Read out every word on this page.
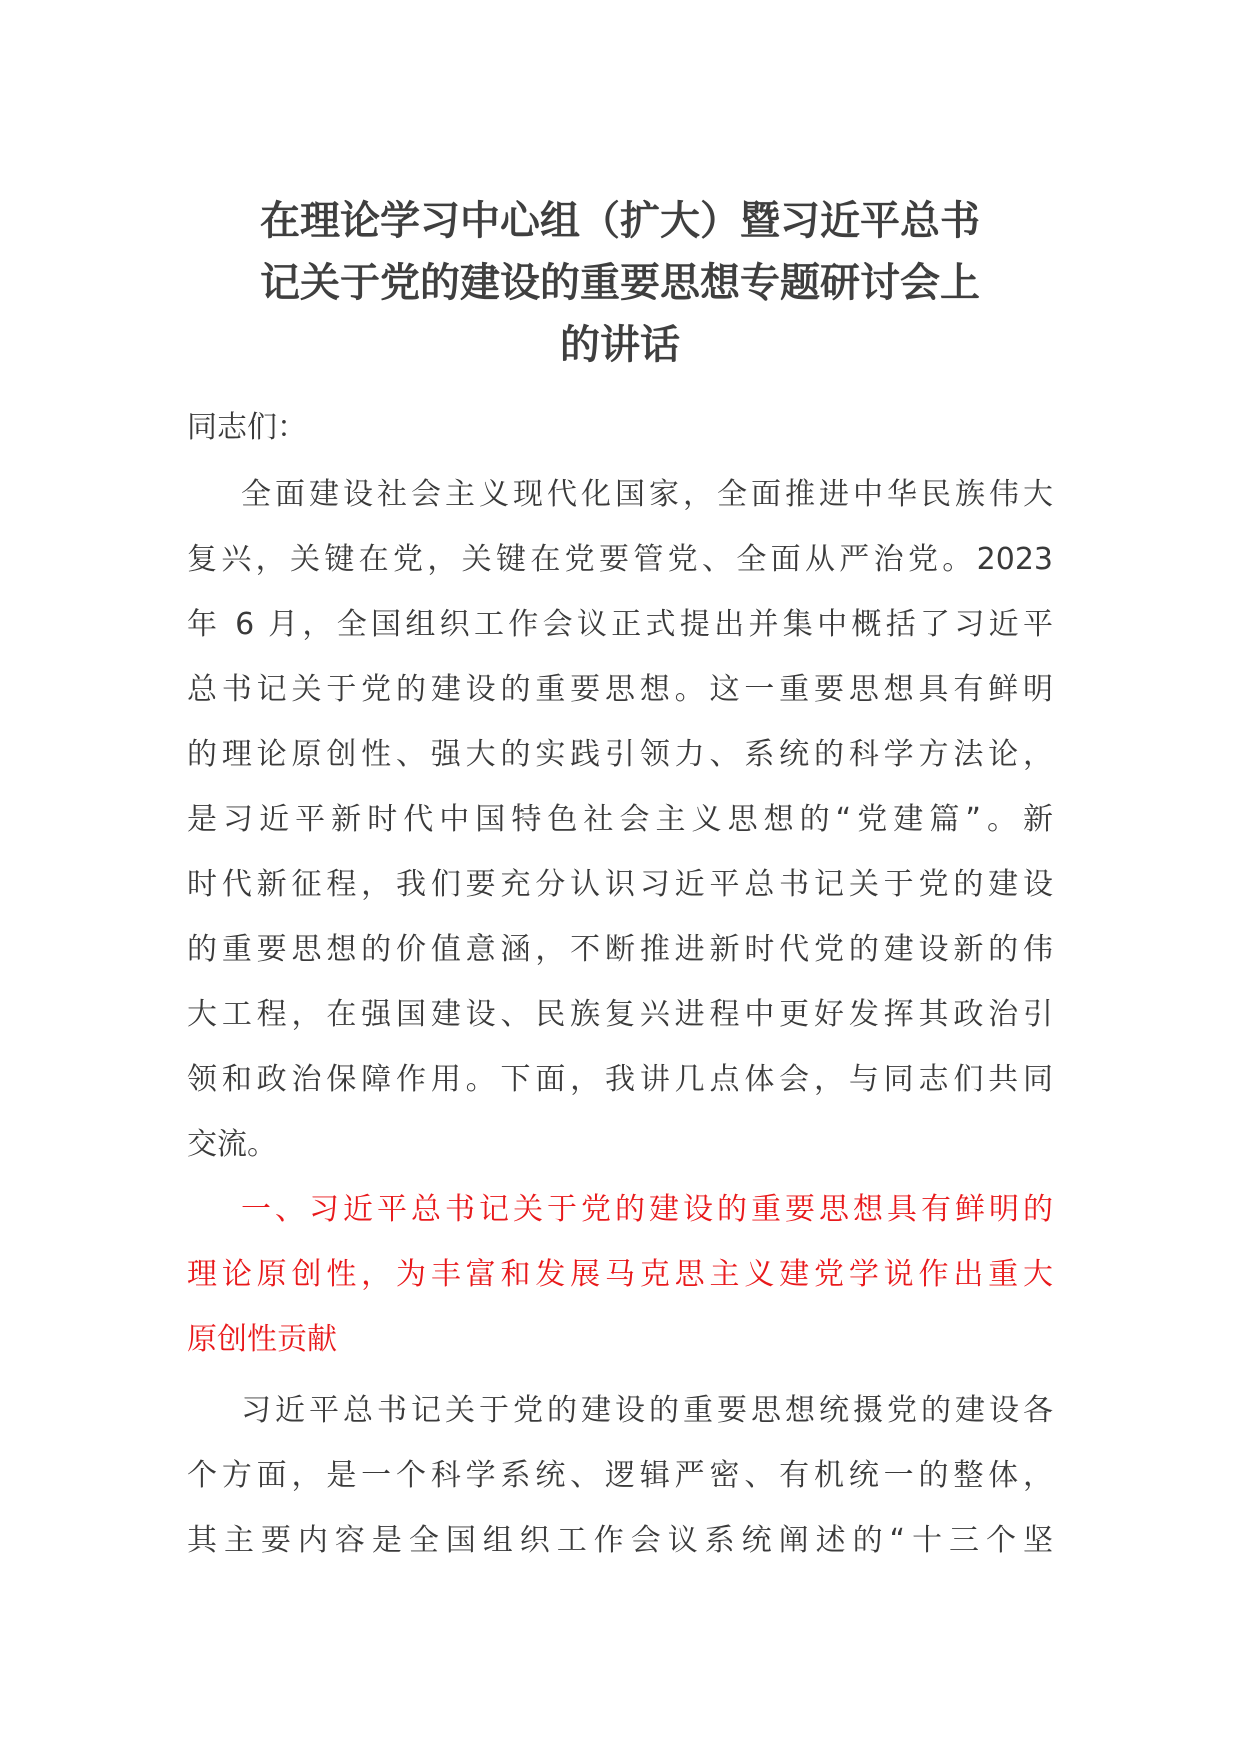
在理论学习中心组（扩大）暨习近平总书
记关于党的建设的重要思想专题研讨会上
的讲话

同志们：

全面建设社会主义现代化国家，全面推进中华民族伟大
复兴，关键在党，关键在党要管党、全面从严治党。2023
年 6 月，全国组织工作会议正式提出并集中概括了习近平
总书记关于党的建设的重要思想。这一重要思想具有鲜明
的理论原创性、强大的实践引领力、系统的科学方法论，
是习近平新时代中国特色社会主义思想的“党建篇”。新
时代新征程，我们要充分认识习近平总书记关于党的建设
的重要思想的价值意涵，不断推进新时代党的建设新的伟
大工程，在强国建设、民族复兴进程中更好发挥其政治引
领和政治保障作用。下面，我讲几点体会，与同志们共同
交流。

一、习近平总书记关于党的建设的重要思想具有鲜明的
理论原创性，为丰富和发展马克思主义建党学说作出重大
原创性贡献

习近平总书记关于党的建设的重要思想统摄党的建设各
个方面，是一个科学系统、逻辑严密、有机统一的整体，
其主要内容是全国组织工作会议系统阐述的“十三个坚
